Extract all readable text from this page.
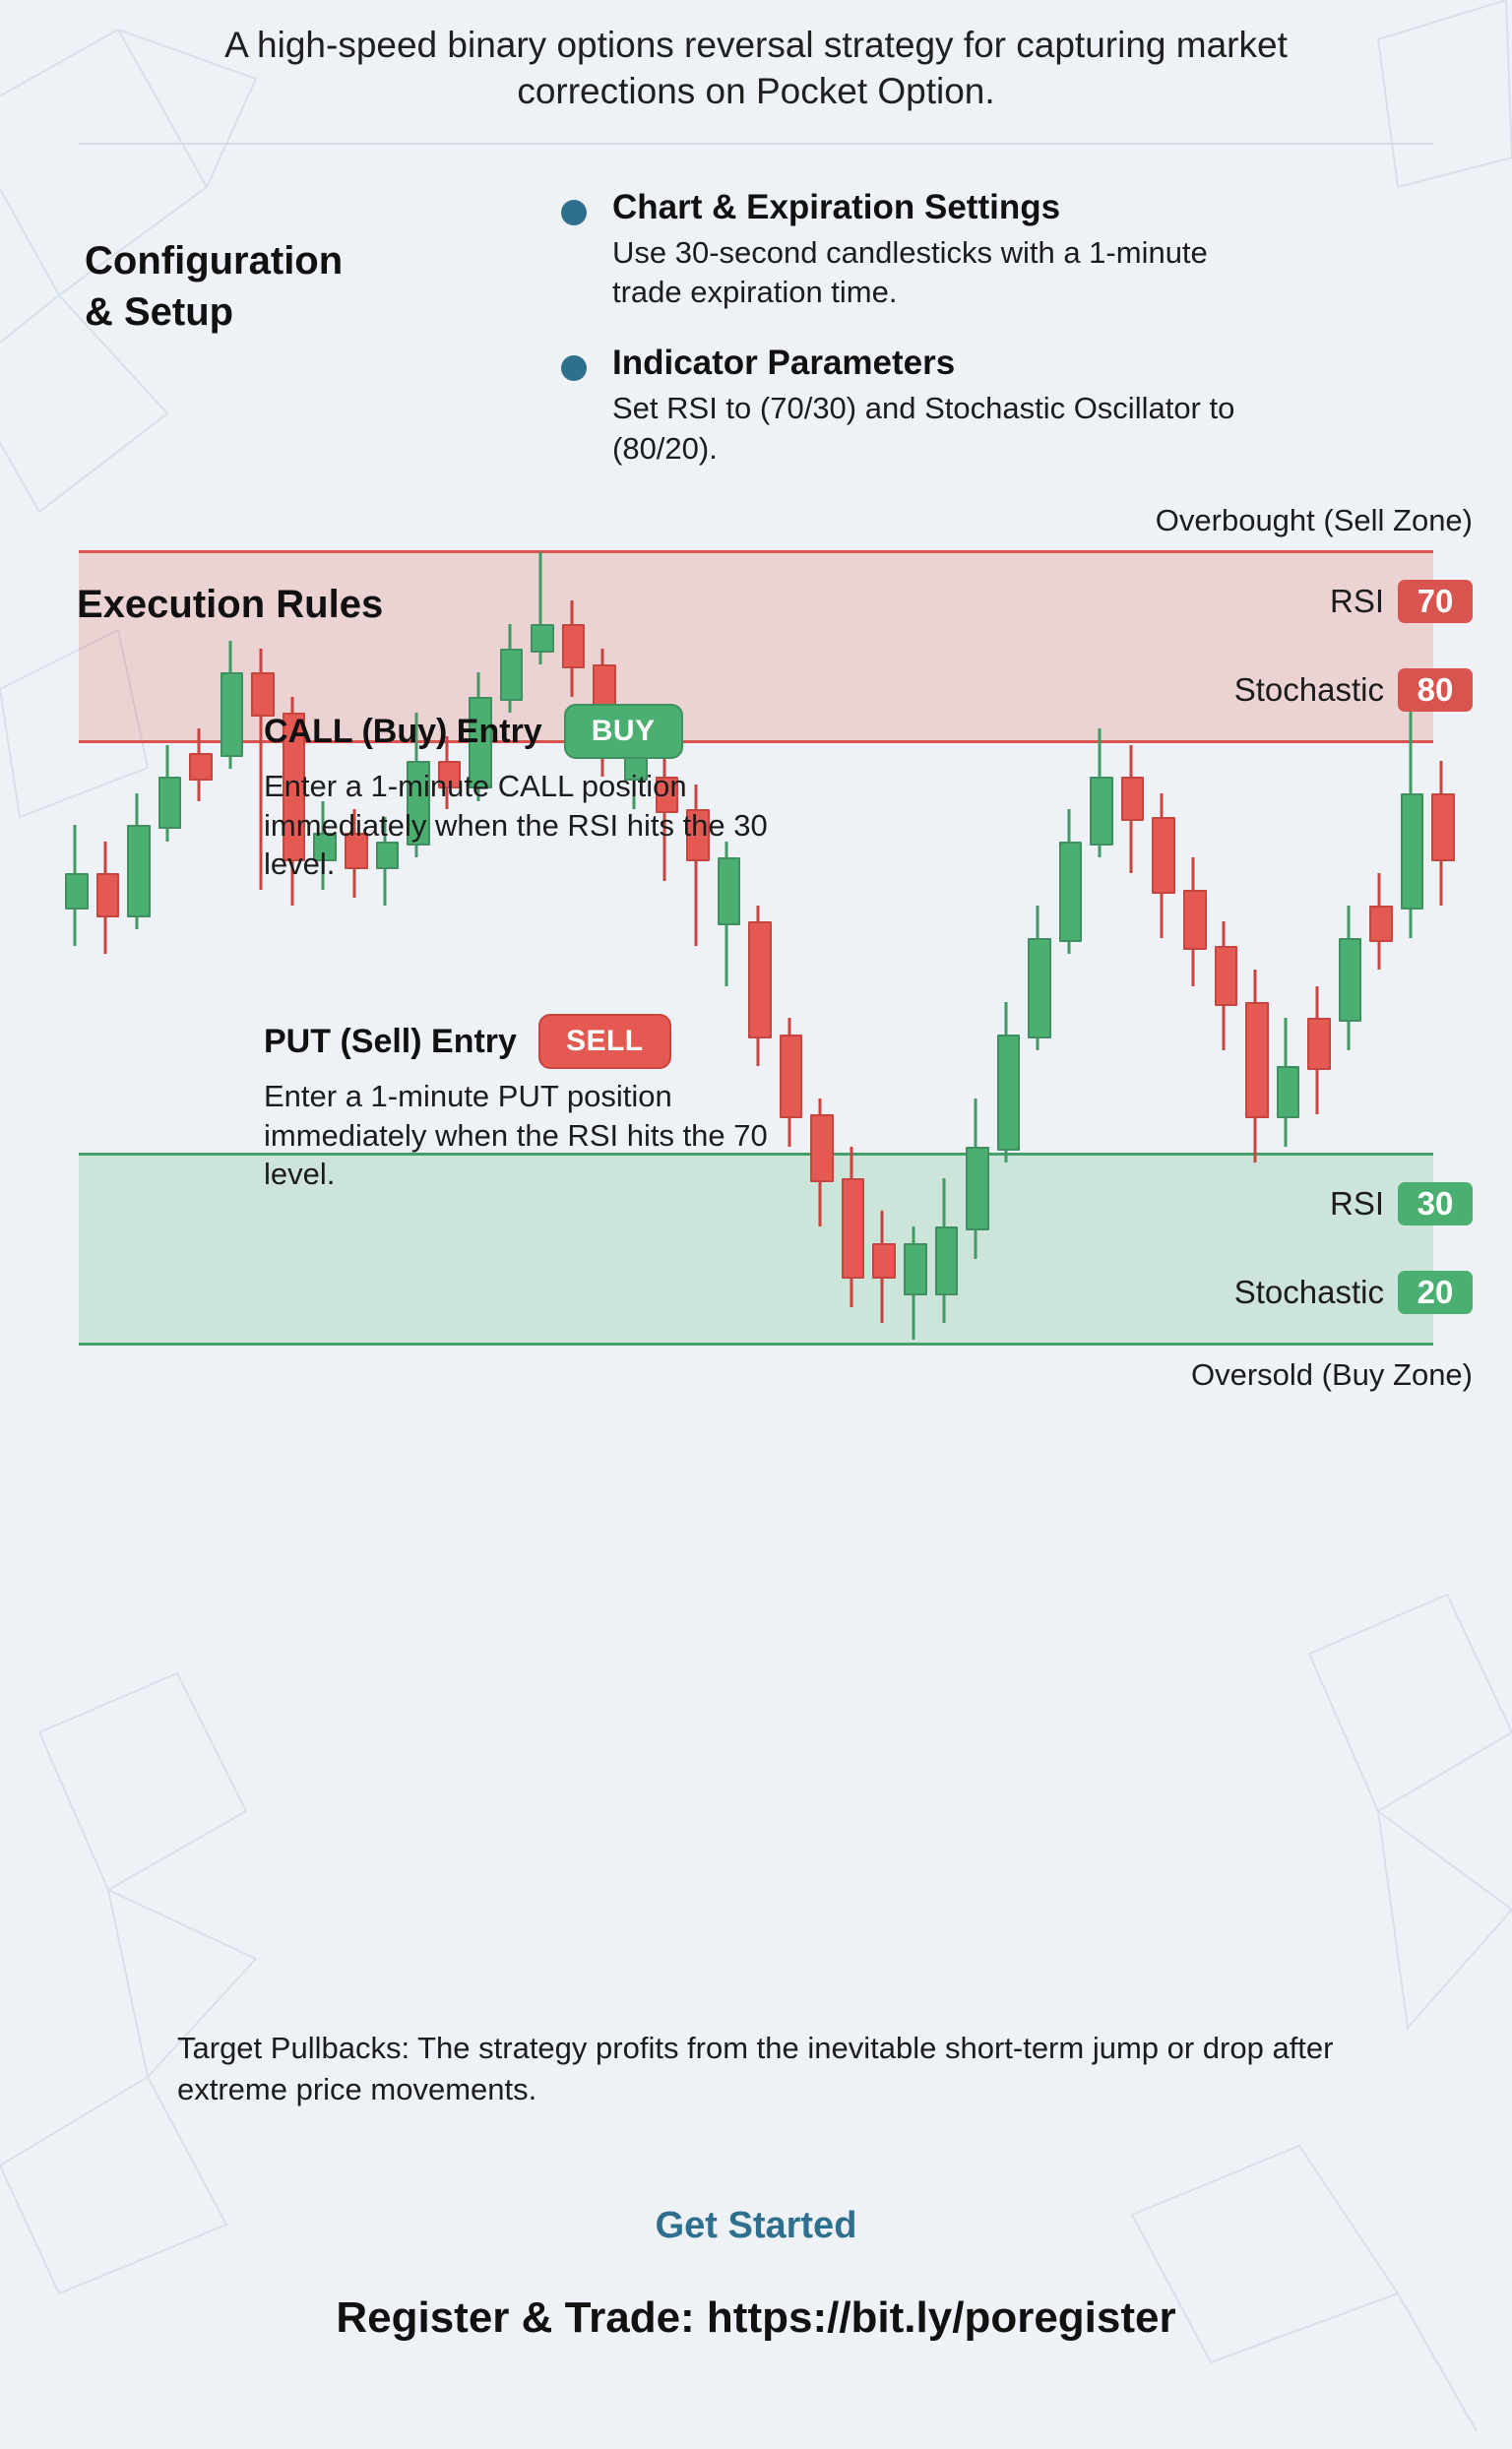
A high-speed binary options reversal strategy for capturing market corrections on Pocket Option.
Configuration
& Setup
Chart & Expiration Settings
Use 30-second candlesticks with a 1-minute trade expiration time.
Indicator Parameters
Set RSI to (70/30) and Stochastic Oscillator to (80/20).
Overbought (Sell Zone)
Oversold (Buy Zone)
RSI	70
Stochastic	80
RSI	30
Stochastic	20
Execution Rules
CALL (Buy) Entry	BUY
Enter a 1-minute CALL position immediately when the RSI hits the 30 level.
PUT (Sell) Entry	SELL
Enter a 1-minute PUT position immediately when the RSI hits the 70 level.
Target Pullbacks: The strategy profits from the inevitable short-term jump or drop after extreme price movements.
Get Started
Register & Trade: https://bit.ly/poregister
